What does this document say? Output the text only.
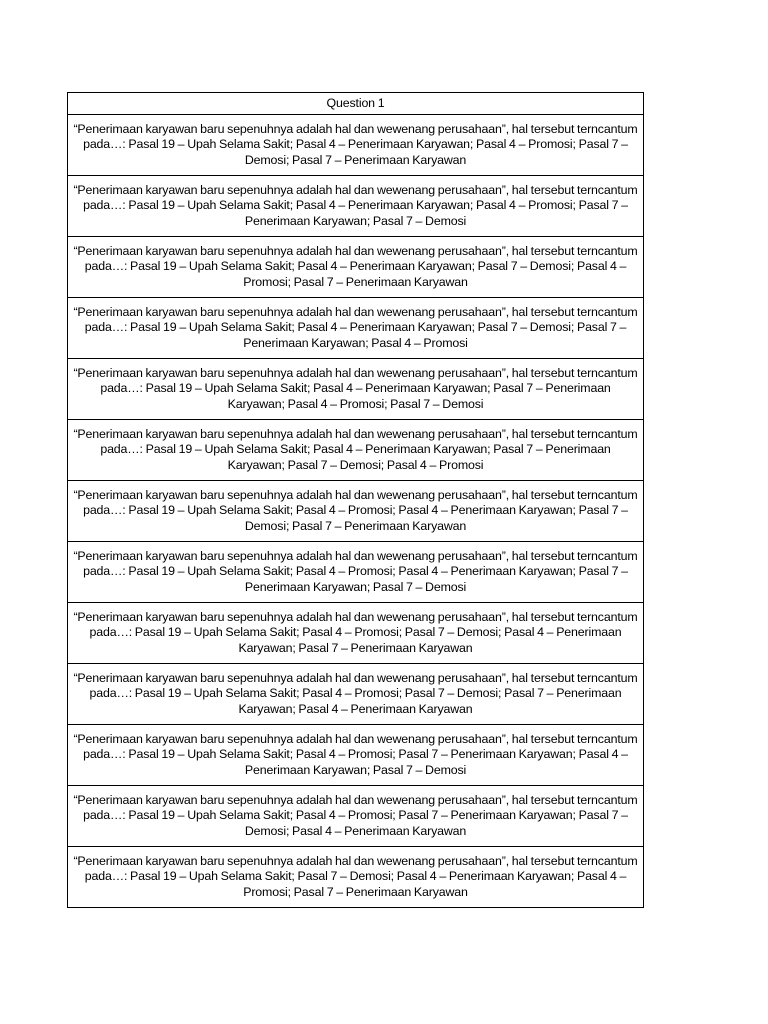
Question 1

“Penerimaan karyawan baru sepenuhnya adalah hal dan wewenang perusahaan”, hal tersebut terncantum pada…: Pasal 19 – Upah Selama Sakit; Pasal 4 – Penerimaan Karyawan; Pasal 4 – Promosi; Pasal 7 – Demosi; Pasal 7 – Penerimaan Karyawan

“Penerimaan karyawan baru sepenuhnya adalah hal dan wewenang perusahaan”, hal tersebut terncantum pada…: Pasal 19 – Upah Selama Sakit; Pasal 4 – Penerimaan Karyawan; Pasal 4 – Promosi; Pasal 7 – Penerimaan Karyawan; Pasal 7 – Demosi

“Penerimaan karyawan baru sepenuhnya adalah hal dan wewenang perusahaan”, hal tersebut terncantum pada…: Pasal 19 – Upah Selama Sakit; Pasal 4 – Penerimaan Karyawan; Pasal 7 – Demosi; Pasal 4 – Promosi; Pasal 7 – Penerimaan Karyawan

“Penerimaan karyawan baru sepenuhnya adalah hal dan wewenang perusahaan”, hal tersebut terncantum pada…: Pasal 19 – Upah Selama Sakit; Pasal 4 – Penerimaan Karyawan; Pasal 7 – Demosi; Pasal 7 – Penerimaan Karyawan; Pasal 4 – Promosi

“Penerimaan karyawan baru sepenuhnya adalah hal dan wewenang perusahaan”, hal tersebut terncantum pada…: Pasal 19 – Upah Selama Sakit; Pasal 4 – Penerimaan Karyawan; Pasal 7 – Penerimaan Karyawan; Pasal 4 – Promosi; Pasal 7 – Demosi

“Penerimaan karyawan baru sepenuhnya adalah hal dan wewenang perusahaan”, hal tersebut terncantum pada…: Pasal 19 – Upah Selama Sakit; Pasal 4 – Penerimaan Karyawan; Pasal 7 – Penerimaan Karyawan; Pasal 7 – Demosi; Pasal 4 – Promosi

“Penerimaan karyawan baru sepenuhnya adalah hal dan wewenang perusahaan”, hal tersebut terncantum pada…: Pasal 19 – Upah Selama Sakit; Pasal 4 – Promosi; Pasal 4 – Penerimaan Karyawan; Pasal 7 – Demosi; Pasal 7 – Penerimaan Karyawan

“Penerimaan karyawan baru sepenuhnya adalah hal dan wewenang perusahaan”, hal tersebut terncantum pada…: Pasal 19 – Upah Selama Sakit; Pasal 4 – Promosi; Pasal 4 – Penerimaan Karyawan; Pasal 7 – Penerimaan Karyawan; Pasal 7 – Demosi

“Penerimaan karyawan baru sepenuhnya adalah hal dan wewenang perusahaan”, hal tersebut terncantum pada…: Pasal 19 – Upah Selama Sakit; Pasal 4 – Promosi; Pasal 7 – Demosi; Pasal 4 – Penerimaan Karyawan; Pasal 7 – Penerimaan Karyawan

“Penerimaan karyawan baru sepenuhnya adalah hal dan wewenang perusahaan”, hal tersebut terncantum pada…: Pasal 19 – Upah Selama Sakit; Pasal 4 – Promosi; Pasal 7 – Demosi; Pasal 7 – Penerimaan Karyawan; Pasal 4 – Penerimaan Karyawan

“Penerimaan karyawan baru sepenuhnya adalah hal dan wewenang perusahaan”, hal tersebut terncantum pada…: Pasal 19 – Upah Selama Sakit; Pasal 4 – Promosi; Pasal 7 – Penerimaan Karyawan; Pasal 4 – Penerimaan Karyawan; Pasal 7 – Demosi

“Penerimaan karyawan baru sepenuhnya adalah hal dan wewenang perusahaan”, hal tersebut terncantum pada…: Pasal 19 – Upah Selama Sakit; Pasal 4 – Promosi; Pasal 7 – Penerimaan Karyawan; Pasal 7 – Demosi; Pasal 4 – Penerimaan Karyawan

“Penerimaan karyawan baru sepenuhnya adalah hal dan wewenang perusahaan”, hal tersebut terncantum pada…: Pasal 19 – Upah Selama Sakit; Pasal 7 – Demosi; Pasal 4 – Penerimaan Karyawan; Pasal 4 – Promosi; Pasal 7 – Penerimaan Karyawan
